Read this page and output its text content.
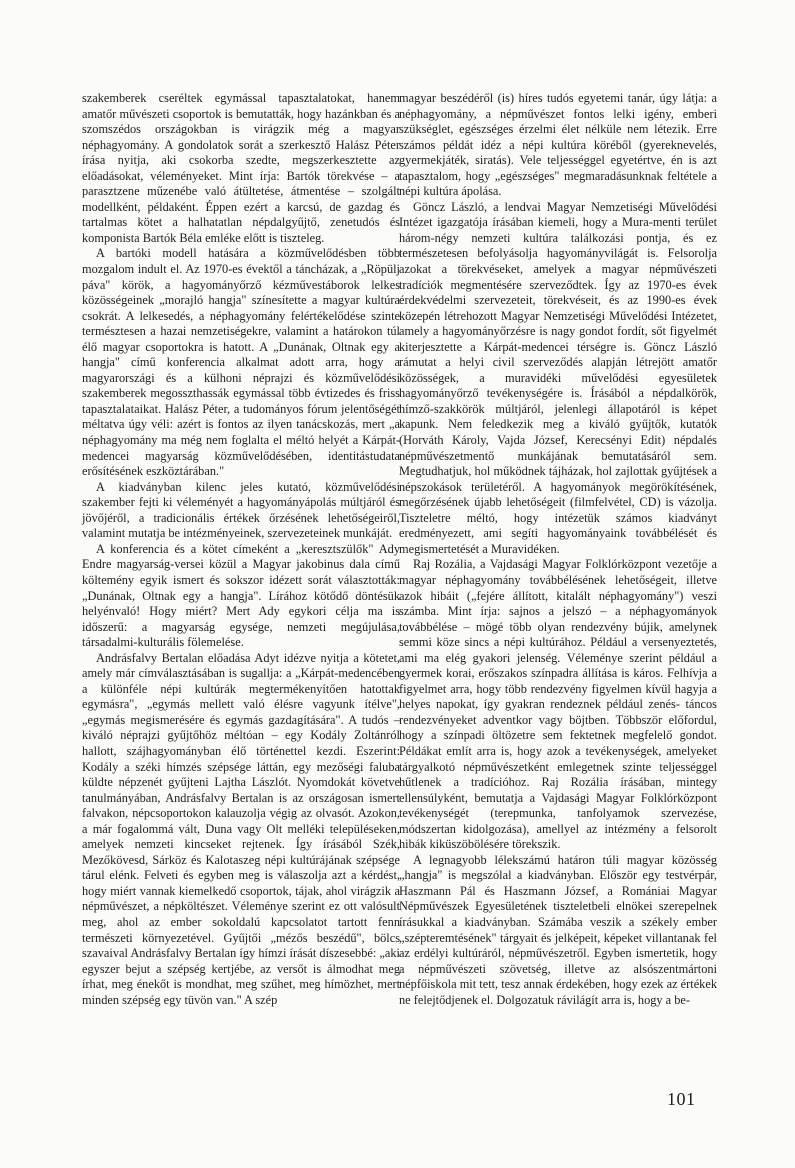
szakemberek cseréltek egymással tapasztalatokat, hanem amatőr művészeti csoportok is bemutatták, hogy hazánkban és a szomszédos országokban is virágzik még a magyar néphagyomány. A gondolatok sorát a szerkesztő Halász Péter írása nyitja, aki csokorba szedte, megszerkesztette az előadásokat, véleményeket. Mint írja: Bartók törekvése – a parasztzene műzenébe való átültetése, átmentése – szolgált modellként, példaként. Éppen ezért a karcsú, de gazdag és tartalmas kötet a halhatatlan népdalgyűjtő, zenetudós és komponista Bartók Béla emléke előtt is tiszteleg.

A bartóki modell hatására a közművelődésben több mozgalom indult el. Az 1970-es évektől a táncházak, a „Röpülj páva" körök, a hagyományőrző kézművestáborok lelkes közösségeinek „morajló hangja" színesítette a magyar kultúra csokrát. A lelkesedés, a néphagyomány felértékelődése szinte természtesen a hazai nemzetiségekre, valamint a határokon túl élő magyar csoportokra is hatott. A „Dunának, Oltnak egy a hangja" című konferencia alkalmat adott arra, hogy a magyarországi és a külhoni néprajzi és közművelődési szakemberek megosszthassák egymással több évtizedes és friss tapasztalataikat. Halász Péter, a tudományos fórum jelentőségét méltatva úgy véli: azért is fontos az ilyen tanácskozás, mert „a néphagyomány ma még nem foglalta el méltó helyét a Kárpát-medencei magyarság közművelődésében, identitástudata erősítésének eszköztárában."

A kiadványban kilenc jeles kutató, közművelődési szakember fejti ki véleményét a hagyományápolás múltjáról és jövőjéről, a tradicionális értékek őrzésének lehetőségeiről, valamint mutatja be intézményeinek, szervezeteinek munkáját.

A konferencia és a kötet címeként a „keresztszülők" Ady Endre magyarság-versei közül a Magyar jakobinus dala című költemény egyik ismert és sokszor idézett sorát választották: „Dunának, Oltnak egy a hangja". Lírához kötődő döntésük helyénvaló! Hogy miért? Mert Ady egykori célja ma is időszerű: a magyarság egysége, nemzeti megújulása, társadalmi-kulturális fölemelése.

Andrásfalvy Bertalan előadása Adyt idézve nyitja a kötetet, amely már címválasztásában is sugallja: a „Kárpát-medencében a különféle népi kultúrák megtermékenyítően hatottak egymásra", „egymás mellett való élésre vagyunk ítélve", „egymás megismerésére és egymás gazdagítására". A tudós – kiváló néprajzi gyűjtőhöz méltóan – egy Kodály Zoltánról hallott, szájhagyományban élő történettel kezdi. Eszerint: Kodály a széki hímzés szépsége láttán, egy mezőségi faluba küldte népzenét gyűjteni Lajtha Lászlót. Nyomdokát követve tanulmányában, Andrásfalvy Bertalan is az országosan ismert falvakon, népcsoportokon kalauzolja végig az olvasót. Azokon, a már fogalommá vált, Duna vagy Olt melléki településeken, amelyek nemzeti kincseket rejtenek. Így írásából Szék, Mezőkövesd, Sárköz és Kalotaszeg népi kultúrájának szépsége tárul elénk. Felveti és egyben meg is válaszolja azt a kérdést, hogy miért vannak kiemelkedő csoportok, tájak, ahol virágzik a népművészet, a népköltészet. Véleménye szerint ez ott valósult meg, ahol az ember sokoldalú kapcsolatot tartott fenn természeti környezetével. Gyűjtői „mézős beszédű", bölcs szavaival Andrásfalvy Bertalan így hímzi írását díszesebbé: „aki egyszer bejut a szépség kertjébe, az versőt is álmodhat meg írhat, meg énekőt is mondhat, meg szűhet, meg hímözhet, mert minden szépség egy tüvön van." A szép

magyar beszédéről (is) híres tudós egyetemi tanár, úgy látja: a néphagyomány, a népművészet fontos lelki igény, emberi szükséglet, egészséges érzelmi élet nélküle nem létezik. Erre számos példát idéz a népi kultúra köréből (gyereknevelés, gyermekjáték, siratás). Vele teljességgel egyetértve, én is azt tapasztalom, hogy „egészséges" megmaradásunknak feltétele a népi kultúra ápolása.

Göncz László, a lendvai Magyar Nemzetiségi Művelődési Intézet igazgatója írásában kiemeli, hogy a Mura-menti terület három-négy nemzeti kultúra találkozási pontja, és ez természetesen befolyásolja hagyományvilágát is. Felsorolja azokat a törekvéseket, amelyek a magyar népművészeti tradíciók megmentésére szerveződtek. Így az 1970-es évek érdekvédelmi szervezeteit, törekvéseit, és az 1990-es évek közepén létrehozott Magyar Nemzetiségi Művelődési Intézetet, amely a hagyományőrzésre is nagy gondot fordít, sőt figyelmét kiterjesztette a Kárpát-medencei térségre is. Göncz László rámutat a helyi civil szerveződés alapján létrejött amatőr közösségek, a muravidéki művelődési egyesületek hagyományőrző tevékenységére is. Írásából a népdalkörök, hímző-szakkörök múltjáról, jelenlegi állapotáról is képet kapunk. Nem feledkezik meg a kiváló gyűjtők, kutatók (Horváth Károly, Vajda József, Kerecsényi Edit) népdalés népművészetmentő munkájának bemutatásáról sem. Megtudhatjuk, hol működnek tájházak, hol zajlottak gyűjtések a népszokások területéről. A hagyományok megörökítésének, megőrzésének újabb lehetőségeit (filmfelvétel, CD) is vázolja. Tiszteletre méltó, hogy intézetük számos kiadványt eredményezett, ami segíti hagyományaink továbbélését és megismertetését a Muravidéken.

Raj Rozália, a Vajdasági Magyar Folklórközpont vezetője a magyar néphagyomány továbbélésének lehetőségeit, illetve azok hibáit („fejére állított, kitalált néphagyomány") veszi számba. Mint írja: sajnos a jelszó – a néphagyományok továbbélése – mögé több olyan rendezvény bújik, amelynek semmi köze sincs a népi kultúrához. Például a versenyeztetés, ami ma elég gyakori jelenség. Véleménye szerint például a gyermek korai, erőszakos színpadra állítása is káros. Felhívja a figyelmet arra, hogy több rendezvény figyelmen kívül hagyja a helyes napokat, így gyakran rendeznek például zenés- táncos rendezvényeket adventkor vagy böjtben. Többször előfordul, hogy a színpadi öltözetre sem fektetnek megfelelő gondot. Példákat említ arra is, hogy azok a tevékenységek, amelyeket tárgyalkotó népművészetként emlegetnek szinte teljességgel hűtlenek a tradícióhoz. Raj Rozália írásában, mintegy ellensúlyként, bemutatja a Vajdasági Magyar Folklórközpont tevékenységét (terepmunka, tanfolyamok szervezése, módszertan kidolgozása), amellyel az intézmény a felsorolt hibák kiküszöbölésére törekszik.

A legnagyobb lélekszámú határon túli magyar közösség „hangja" is megszólal a kiadványban. Először egy testvérpár, Haszmann Pál és Haszmann József, a Romániai Magyar Népművészek Egyesületének tiszteletbeli elnökei szerepelnek írásukkal a kiadványban. Számába veszik a székely ember „szépteremtésének" tárgyait és jelképeit, képeket villantanak fel az erdélyi kultúráról, népművészetről. Egyben ismertetik, hogy a népművészeti szövetség, illetve az alsószentmártoni népfőiskola mit tett, tesz annak érdekében, hogy ezek az értékek ne felejtődjenek el. Dolgozatuk rávilágít arra is, hogy a be-

101
